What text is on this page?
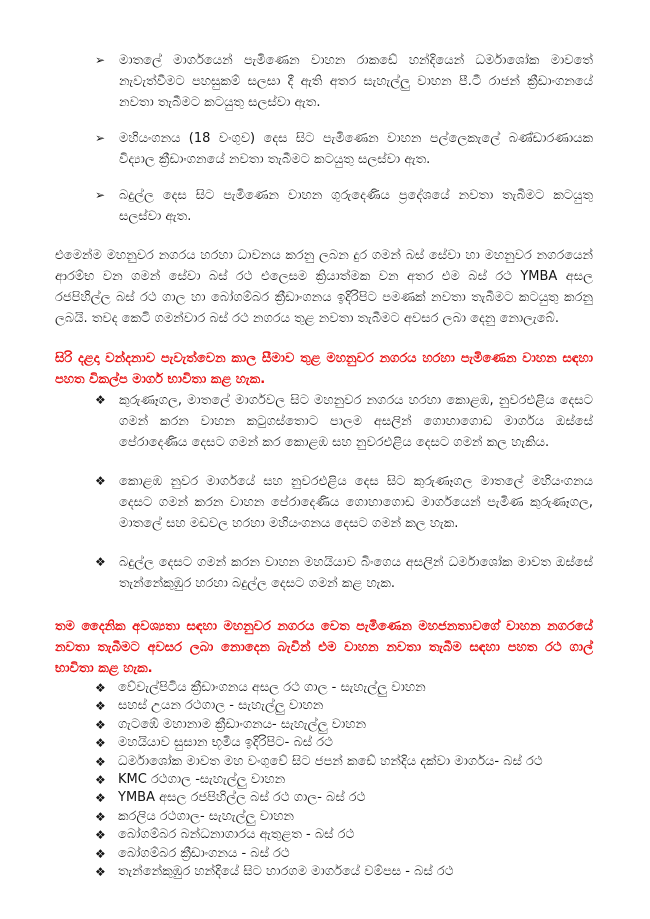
➢	මාතලේ මාර්ගයෙන් පැමිණෙන වාහන රාකඩේ හන්දියෙන් ධර්මාශෝක මාවතේ නැවැත්වීමට පහසුකම් සලසා දී ඇති අතර සැහැල්ලු වාහන පී.ටී රාජන් ක්‍රීඩාංගනයේ නවතා තැබීමට කටයුතු සලස්වා ඇත.
➢	මහියංගනය (18 වංගුව) දෙස සිට පැමිණෙන වාහන පල්ලෙකැලේ බණ්ඩාරණායක විද්‍යාල ක්‍රීඩාංගනයේ නවතා තැබීමට කටයුතු සලස්වා ඇත.
➢	බදුල්ල දෙස සිට පැමිණෙන වාහන ගුරුදෙණිය ප්‍රදේශයේ නවතා තැබීමට කටයුතු සලස්වා ඇත.

එමෙන්ම මහනුවර නගරය හරහා ධාවනය කරනු ලබන දුර ගමන් බස් සේවා හා මහනුවර නගරයෙන් ආරම්භ වන ගමන් සේවා බස් රථ එලෙසම ක්‍රියාත්මක වන අතර එම බස් රථ YMBA අසල රජපිහිල්ල බස් රථ ගාල හා බෝගම්බර ක්‍රීඩාංගනය ඉදිරිපිට පමණක් නවතා තැබීමට කටයුතු කරනු ලබයි. තවද කෙටි ගමන්වාර බස් රථ නගරය තුළ නවතා තැබීමට අවසර ලබා දෙනු නොලැබේ.

සිරි දළදා වන්දනාව පැවැත්වෙන කාල සීමාව තුළ මහනුවර නගරය හරහා පැමිණෙන වාහන සඳහා පහත විකල්ප මාර්ග භාවිතා කළ හැක.

❖	කුරුණෑගල, මාතලේ මාර්ගවල සිට මහනුවර නගරය හරහා කොළඹ, නුවරඑළිය දෙසට ගමන් කරන වාහන කටුගස්තොට පාලම අසලින් ගොහාගොඩ මාර්ගය ඔස්සේ පේරාදෙණිය දෙසට ගමන් කර කොළඹ සහ නුවරඑළිය දෙසට ගමන් කල හැකිය.
❖	කොළඹ නුවර මාර්ගයේ සහ නුවරඑළිය දෙස සිට කුරුණෑගල මාතලේ මහියංගනය දෙසට ගමන් කරන වාහන පේරාදෙණිය ගොහාගොඩ මාර්ගයෙන් පැමිණ කුරුණෑගල, මාතලේ සහ මඩවල හරහා මහියංගනය දෙසට ගමන් කල හැක.
❖	බදුල්ල දෙසට ගමන් කරන වාහන මහයියාව බිංගෙය අසලින් ධර්මාශෝක මාවත ඔස්සේ තැන්නේකුඹුර හරහා බදුල්ල දෙසට ගමන් කළ හැක.

තම දෛනික අවශ්‍යතා සඳහා මහනුවර නගරය වෙත පැමිණෙන මහජනතාවගේ වාහන නගරයේ නවතා තැබීමට අවසර ලබා නොදෙන බැවින් එම වාහන නවතා තැබීම සඳහා පහත රථ ගාල් භාවිතා කළ හැක.

❖ වේවැල්පිටිය ක්‍රීඩාංගනය අසල රථ ගාල - සැහැල්ලු වාහන
❖ සහස් උයන රථගාල - සැහැල්ලු වාහන
❖ ගැටඹේ මහානාම ක්‍රීඩාංගනය- සැහැල්ලු වාහන
❖ මහයියාව සුසාන භූමිය ඉදිරිපිට- බස් රථ
❖ ධර්මාශෝක මාවත මහ වංගුවේ සිට ජපන් කඩේ හන්දිය දක්වා මාර්ගය- බස් රථ
❖ KMC රථගාල -සැහැල්ලු වාහන
❖ YMBA අසල රජපිහිල්ල බස් රථ ගාල- බස් රථ
❖ කරලිය රථගාල- සැහැල්ලු වාහන
❖ බෝගම්බර බන්ධනාගාරය ඇතුළත - බස් රථ
❖ බෝගම්බර ක්‍රීඩාංගනය - බස් රථ
❖ තැන්නේකුඹුර හන්දියේ සිට හාරගම මාර්ගයේ වම්පස - බස් රථ
